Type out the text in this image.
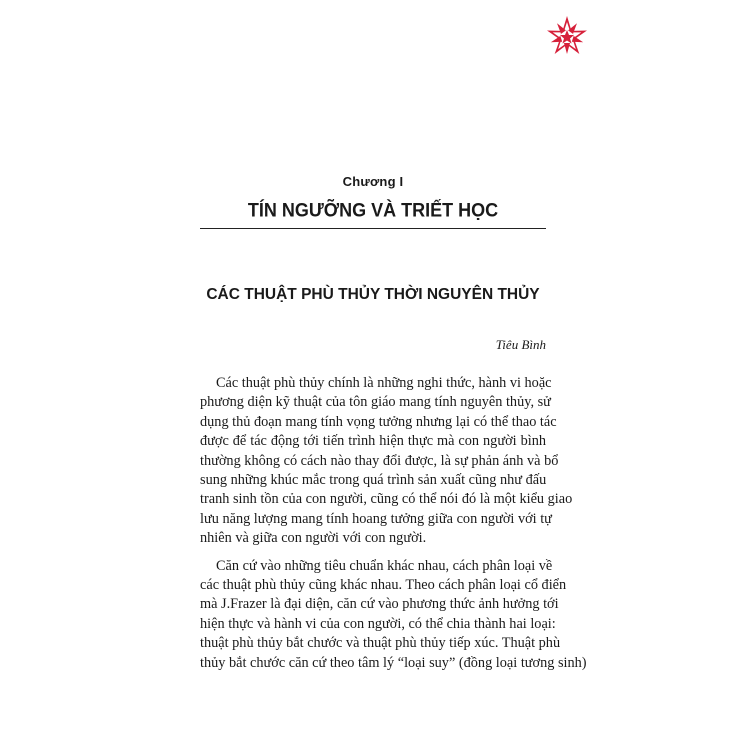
Chương I
TÍN NGƯỠNG VÀ TRIẾT HỌC
CÁC THUẬT PHÙ THỦY THỜI NGUYÊN THỦY
Tiêu Bình
Các thuật phù thủy chính là những nghi thức, hành vi hoặc
phương diện kỹ thuật của tôn giáo mang tính nguyên thủy, sử
dụng thủ đoạn mang tính vọng tưởng nhưng lại có thể thao tác
được để tác động tới tiến trình hiện thực mà con người bình
thường không có cách nào thay đổi được, là sự phản ánh và bổ
sung những khúc mắc trong quá trình sản xuất cũng như đấu
tranh sinh tồn của con người, cũng có thể nói đó là một kiểu giao
lưu năng lượng mang tính hoang tưởng giữa con người với tự
nhiên và giữa con người với con người.
Căn cứ vào những tiêu chuẩn khác nhau, cách phân loại về
các thuật phù thủy cũng khác nhau. Theo cách phân loại cổ điển
mà J.Frazer là đại diện, căn cứ vào phương thức ảnh hưởng tới
hiện thực và hành vi của con người, có thể chia thành hai loại:
thuật phù thủy bắt chước và thuật phù thủy tiếp xúc. Thuật phù
thủy bắt chước căn cứ theo tâm lý “loại suy” (đồng loại tương sinh)
